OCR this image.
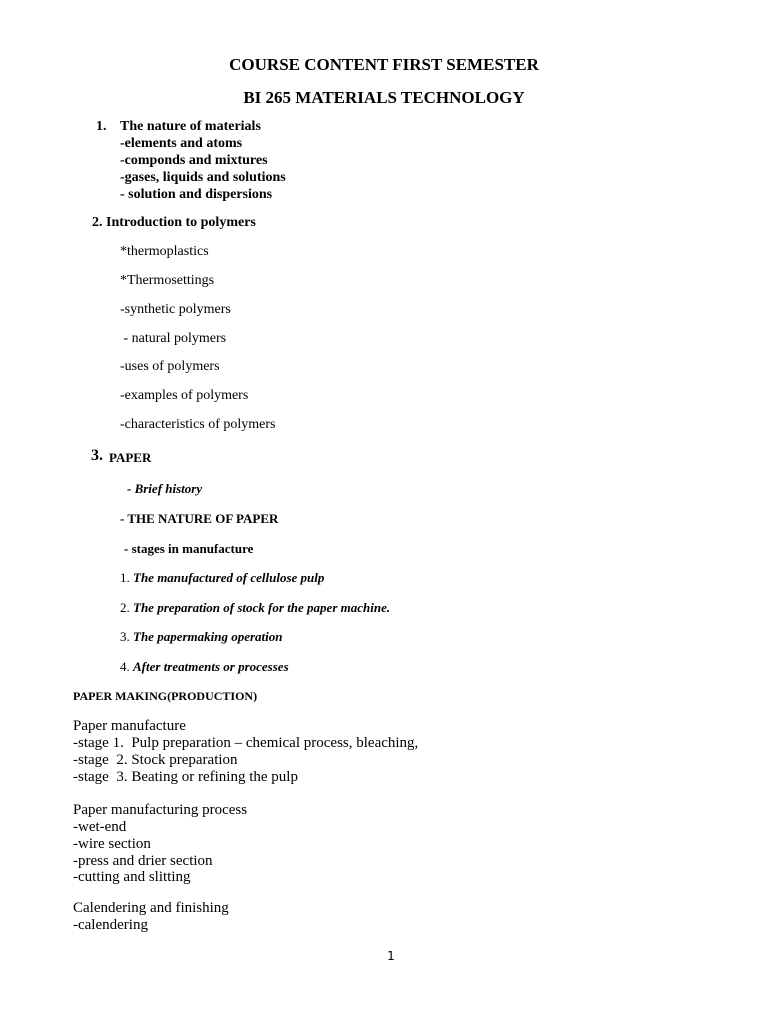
COURSE CONTENT FIRST SEMESTER
BI 265 MATERIALS TECHNOLOGY
1. The nature of materials
-elements and atoms
-componds and mixtures
-gases, liquids and solutions
- solution and dispersions
2. Introduction to polymers
*thermoplastics
*Thermosettings
-synthetic polymers
- natural polymers
-uses of polymers
-examples of polymers
-characteristics of polymers
3. PAPER
- Brief history
- THE NATURE OF PAPER
- stages in manufacture
1. The manufactured of cellulose pulp
2. The preparation of stock for the paper machine.
3. The papermaking operation
4. After treatments or processes
PAPER MAKING(PRODUCTION)
Paper manufacture
-stage 1.  Pulp preparation – chemical process, bleaching,
-stage  2. Stock preparation
-stage  3. Beating or refining the pulp
Paper manufacturing process
-wet-end
-wire section
-press and drier section
-cutting and slitting
Calendering and finishing
-calendering
1
